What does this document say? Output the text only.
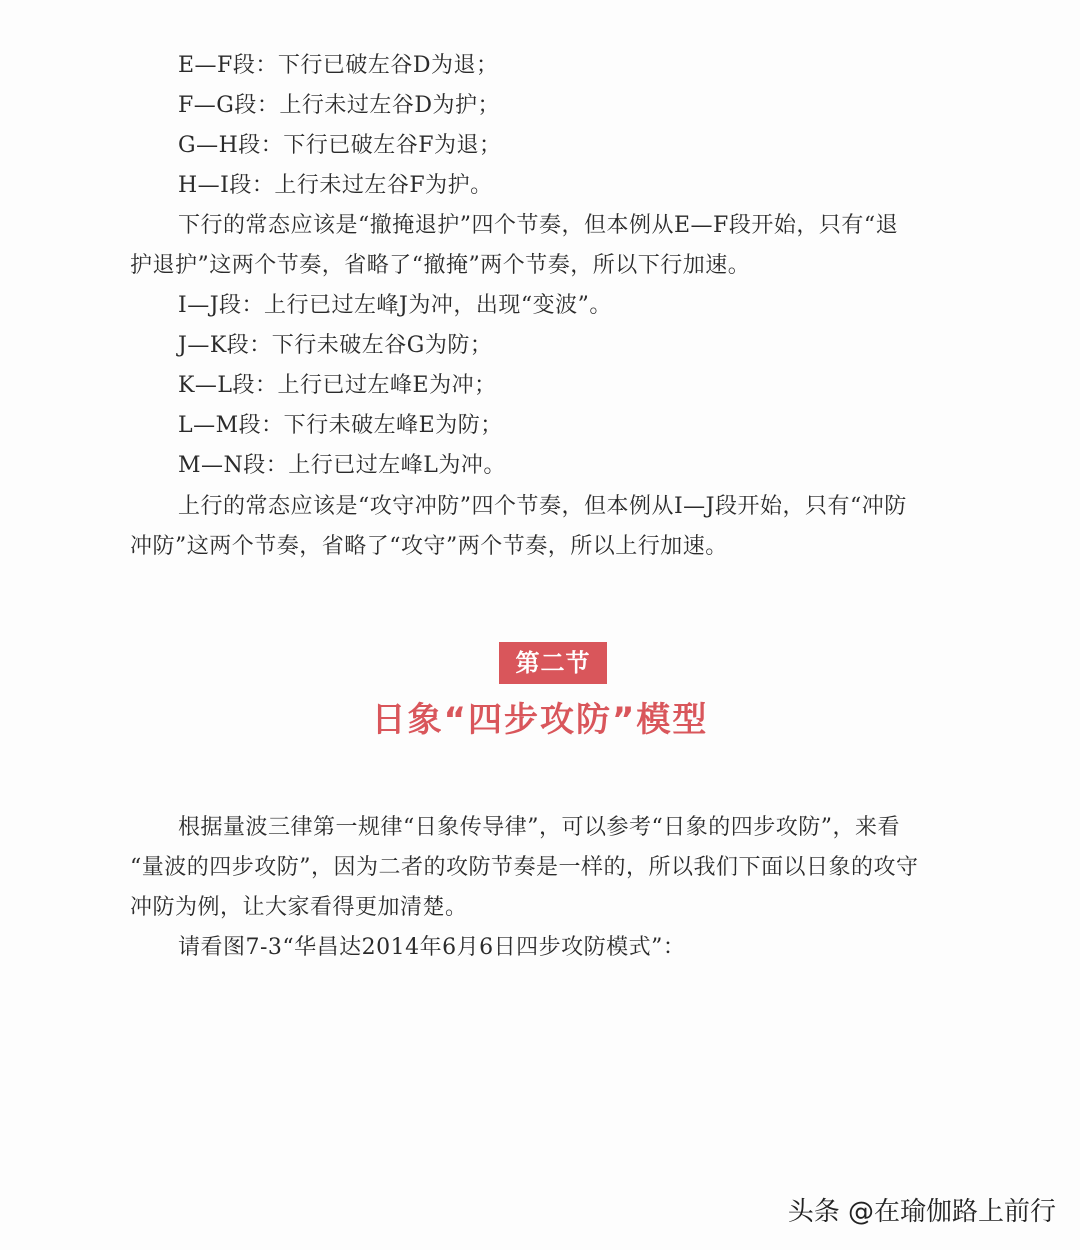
E—F段：下行已破左谷D为退；
F—G段：上行未过左谷D为护；
G—H段：下行已破左谷F为退；
H—I段：上行未过左谷F为护。
下行的常态应该是“撤掩退护”四个节奏，但本例从E—F段开始，只有“退
护退护”这两个节奏，省略了“撤掩”两个节奏，所以下行加速。
I—J段：上行已过左峰J为冲，出现“变波”。
J—K段：下行未破左谷G为防；
K—L段：上行已过左峰E为冲；
L—M段：下行未破左峰E为防；
M—N段：上行已过左峰L为冲。
上行的常态应该是“攻守冲防”四个节奏，但本例从I—J段开始，只有“冲防
冲防”这两个节奏，省略了“攻守”两个节奏，所以上行加速。
第二节
日象“四步攻防”模型
根据量波三律第一规律“日象传导律”，可以参考“日象的四步攻防”，来看
“量波的四步攻防”，因为二者的攻防节奏是一样的，所以我们下面以日象的攻守
冲防为例，让大家看得更加清楚。
请看图7-3“华昌达2014年6月6日四步攻防模式”：
头条 @在瑜伽路上前行
